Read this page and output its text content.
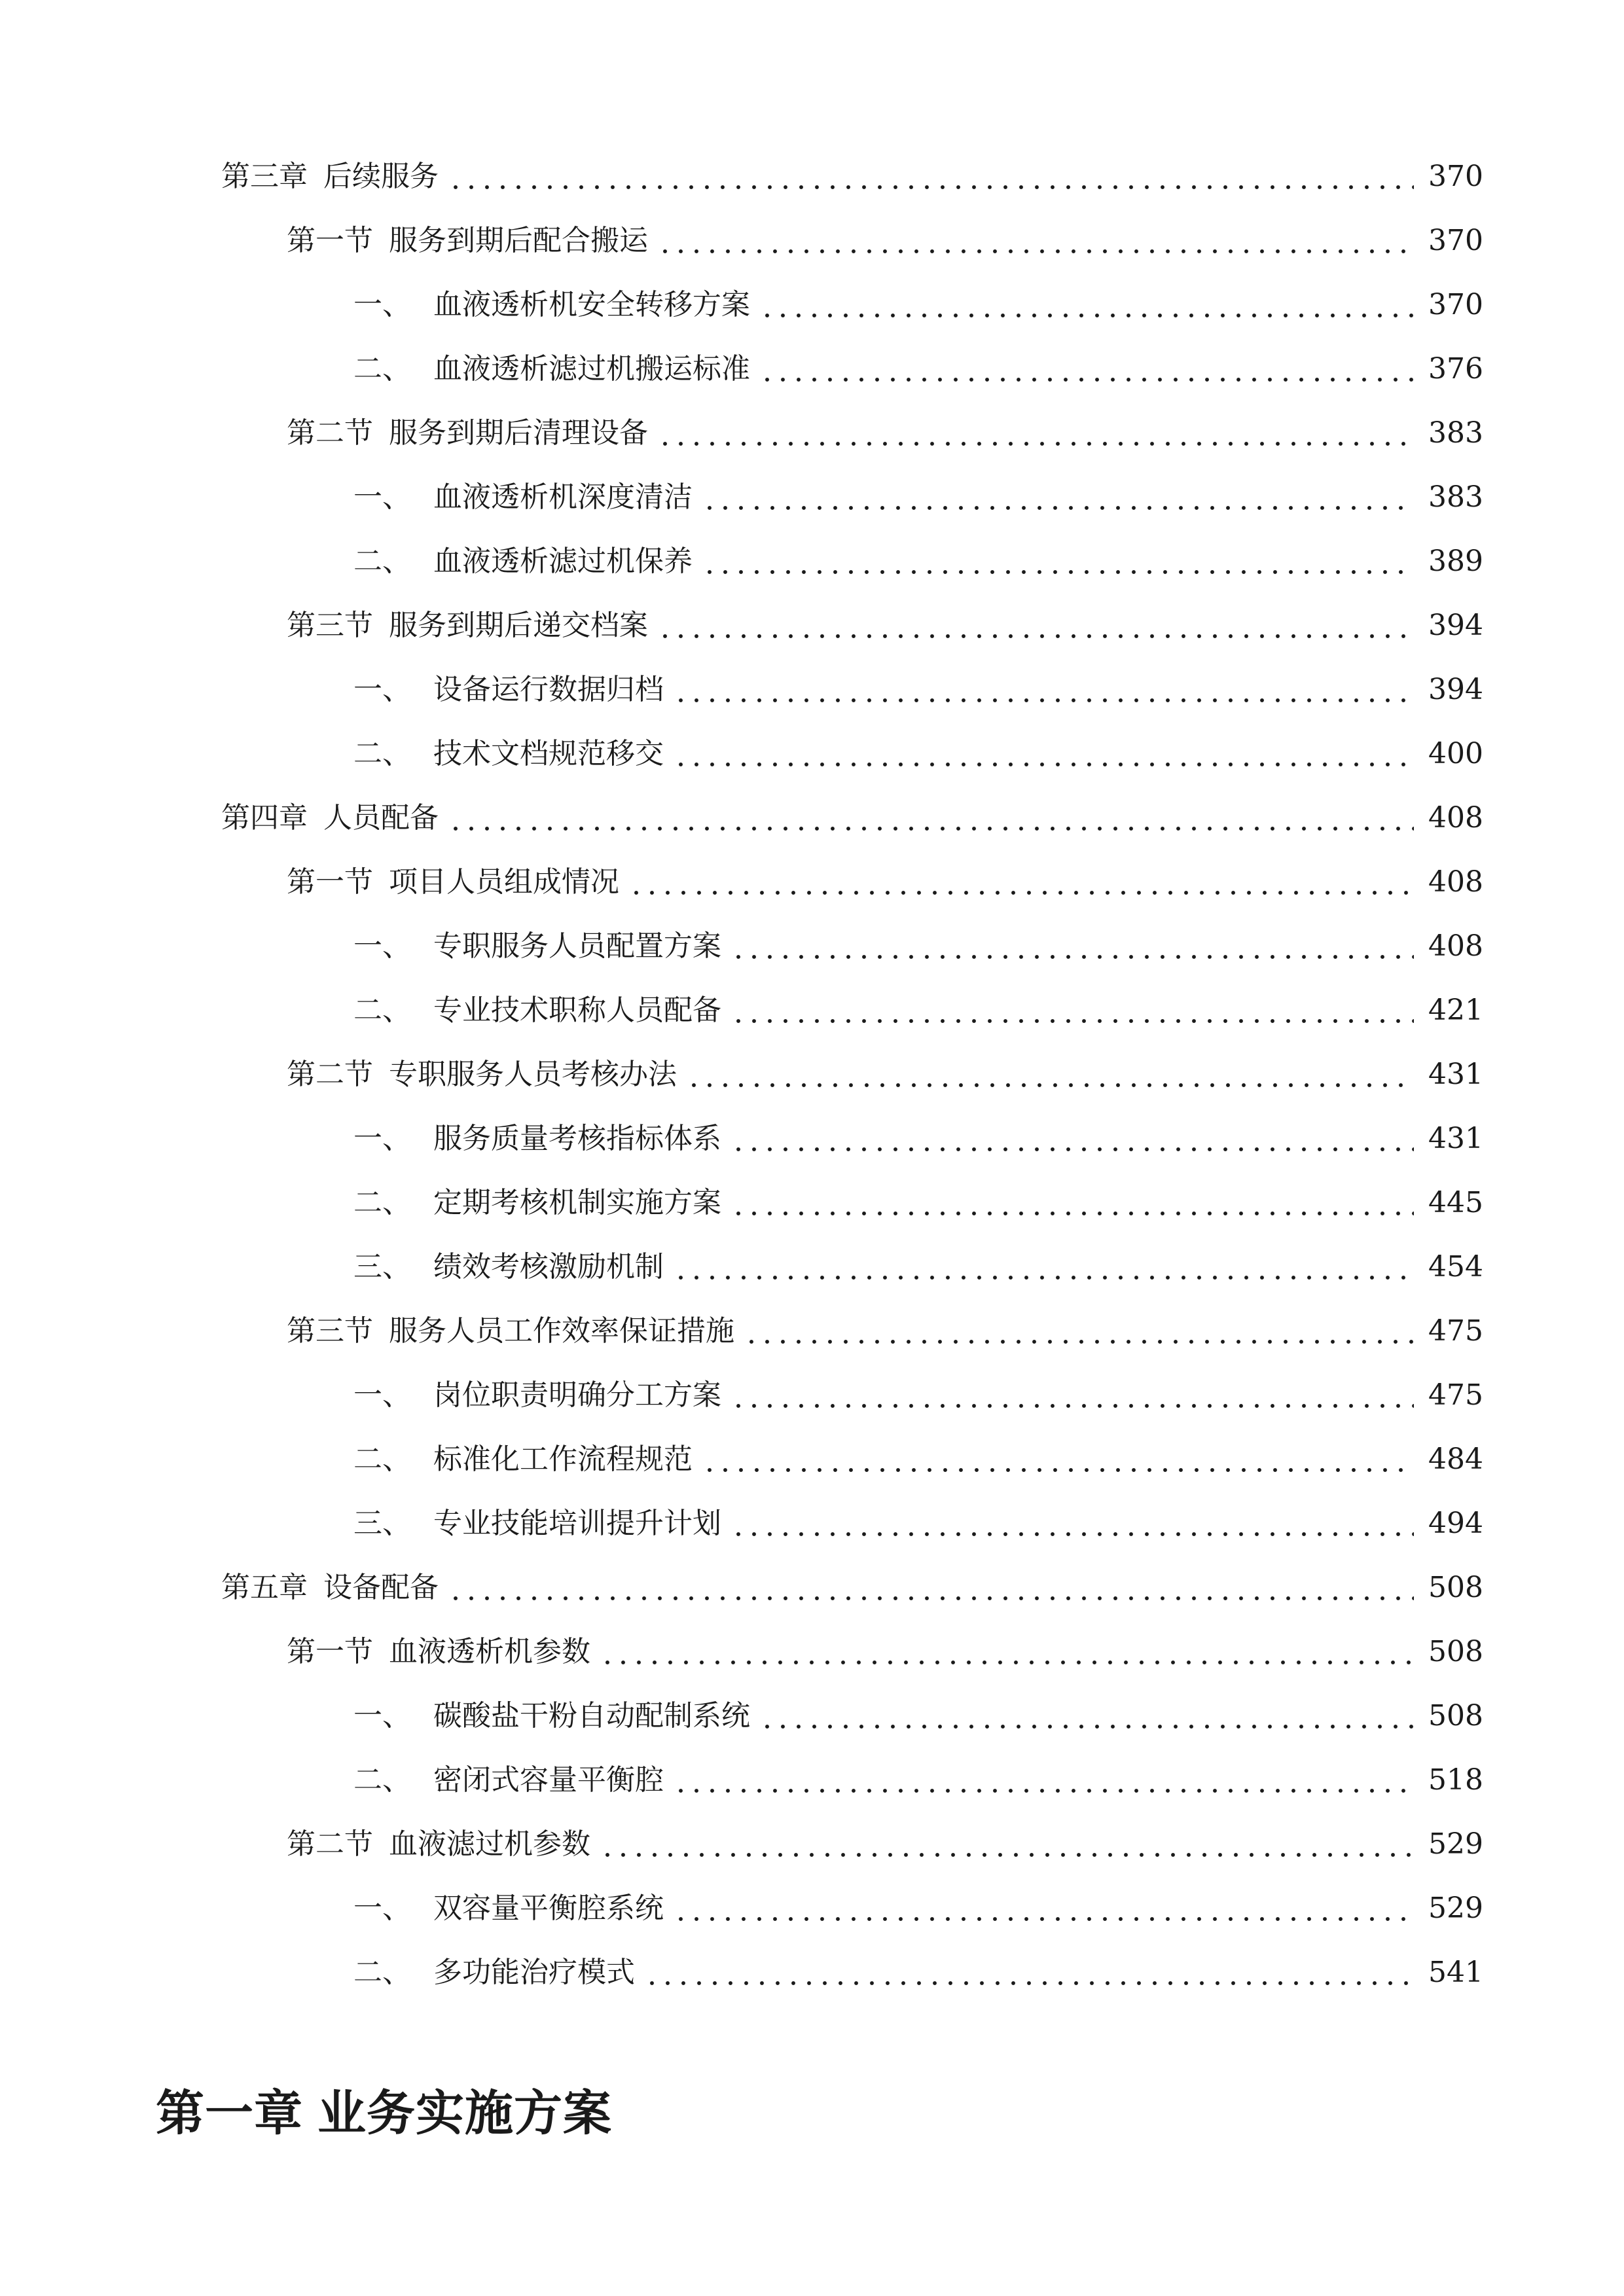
第三章 后续服务	370
第一节 服务到期后配合搬运	370
一、 血液透析机安全转移方案	370
二、 血液透析滤过机搬运标准	376
第二节 服务到期后清理设备	383
一、 血液透析机深度清洁	383
二、 血液透析滤过机保养	389
第三节 服务到期后递交档案	394
一、 设备运行数据归档	394
二、 技术文档规范移交	400
第四章 人员配备	408
第一节 项目人员组成情况	408
一、 专职服务人员配置方案	408
二、 专业技术职称人员配备	421
第二节 专职服务人员考核办法	431
一、 服务质量考核指标体系	431
二、 定期考核机制实施方案	445
三、 绩效考核激励机制	454
第三节 服务人员工作效率保证措施	475
一、 岗位职责明确分工方案	475
二、 标准化工作流程规范	484
三、 专业技能培训提升计划	494
第五章 设备配备	508
第一节 血液透析机参数	508
一、 碳酸盐干粉自动配制系统	508
二、 密闭式容量平衡腔	518
第二节 血液滤过机参数	529
一、 双容量平衡腔系统	529
二、 多功能治疗模式	541
第一章 业务实施方案
